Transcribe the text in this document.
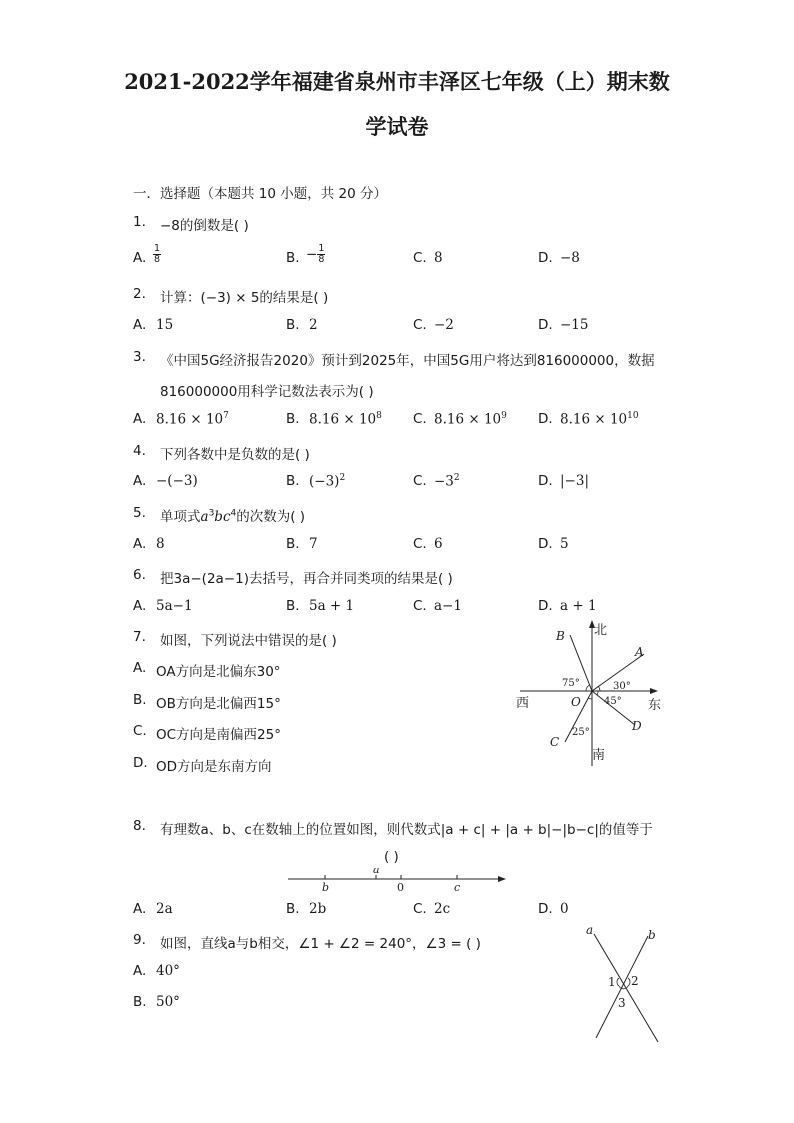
2021-2022学年福建省泉州市丰泽区七年级（上）期末数
学试卷
一．选择题（本题共 10 小题，共 20 分）
1. −8的倒数是( )
A. $\frac{1}{8}$	B. − $\frac{1}{8}$	C. 8	D. −8
2. 计算：(−3) × 5的结果是( )
A. 15	B. 2	C. −2	D. −15
3. 《中国5G经济报告2020》预计到2025年，中国5G用户将达到816000000，数据
816000000用科学记数法表示为( )
A. $8.16 \times 10^7$	B. $8.16 \times 10^8$ C. $8.16 \times 10^9$ D. $8.16 \times 10^{10}$
4. 下列各数中是负数的是( )
A. −(−3)	B. $(-3)^2$	C. $-3^2$	D. |−3|
5. 单项式$a^3bc^4$的次数为( )
A. 8	B. 7	C. 6	D. 5
6. 把3a−(2a−1)去括号，再合并同类项的结果是( )
A. 5a−1	B. 5a + 1	C. a−1	D. a + 1
7. 如图，下列说法中错误的是( )
A. OA方向是北偏东30°
B. OB方向是北偏西15°
C. OC方向是南偏西25°
D. OD方向是东南方向
北
南
东
西	O
A
B
C
D
75°	30°
45°
25°
8. 有理数a、b、c在数轴上的位置如图，则代数式|a + c| + |a + b|−|b−c|的值等于
( )
b
a
0	c
A. 2a	B. 2b	C. 2c	D. 0
9. 如图，直线a与b相交，∠1 + ∠2 = 240°，∠3 = ( )
A. 40°
B. 50°
a	b
1 2
3
